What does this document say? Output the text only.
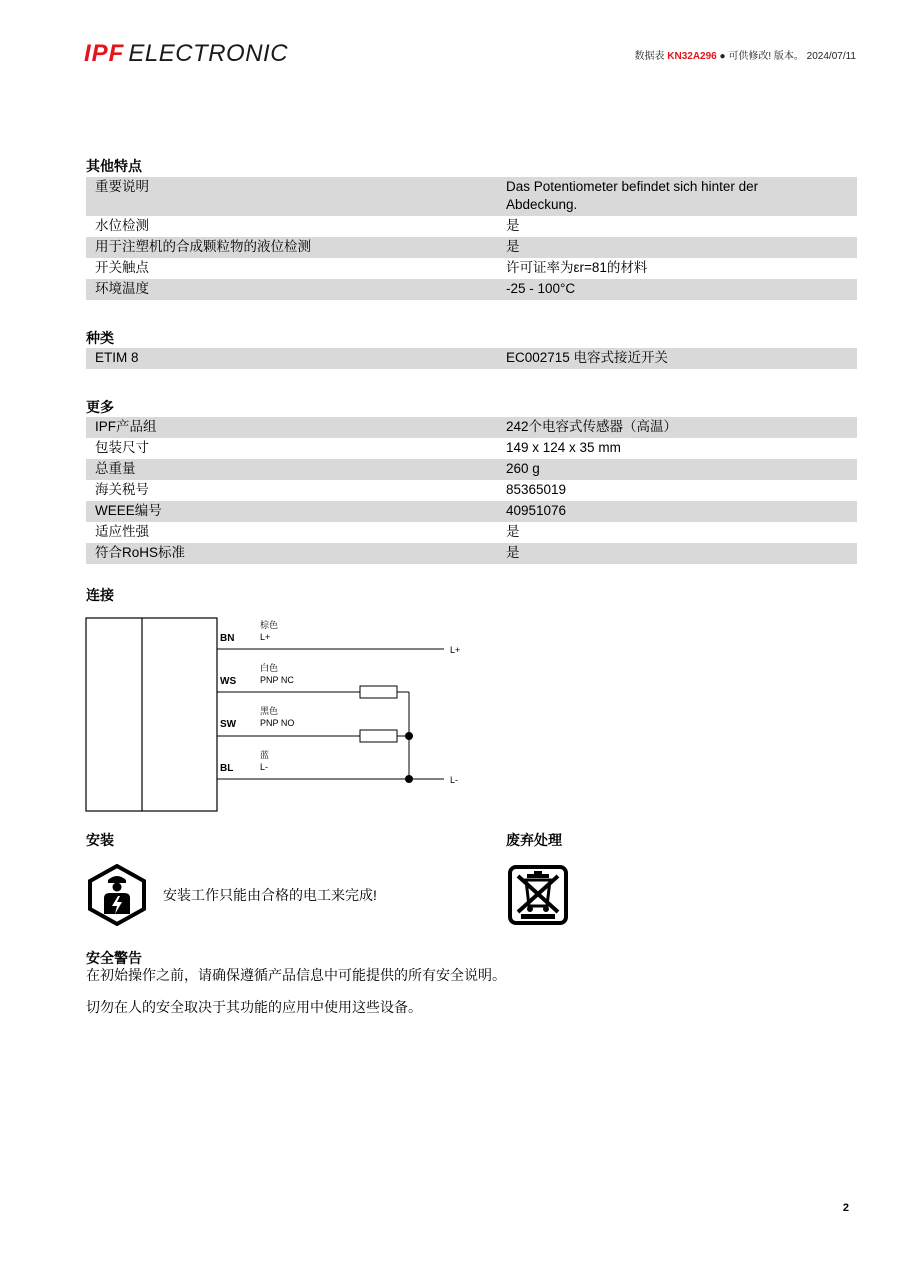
IPF ELECTRONIC	数据表 KN32A296 ● 可供修改! 版本。 2024/07/11
其他特点
重要说明	Das Potentiometer befindet sich hinter der Abdeckung.
水位检测	是
用于注塑机的合成颗粒物的液位检测	是
开关触点	许可证率为εr=81的材料
环境温度	-25 - 100°C
种类
ETIM 8	EC002715 电容式接近开关
更多
IPF产品组	242个电容式传感器（高温）
包装尺寸	149 x 124 x 35 mm
总重量	260 g
海关税号	85365019
WEEE编号	40951076
适应性强	是
符合RoHS标准	是
连接
BN
棕色
L+
L+
WS
白色
PNP NC
SW
黑色
PNP NO
BL
蓝
L-
L-
安装
安装工作只能由合格的电工来完成!
废弃处理
安全警告
在初始操作之前，请确保遵循产品信息中可能提供的所有安全说明。
切勿在人的安全取决于其功能的应用中使用这些设备。
2
